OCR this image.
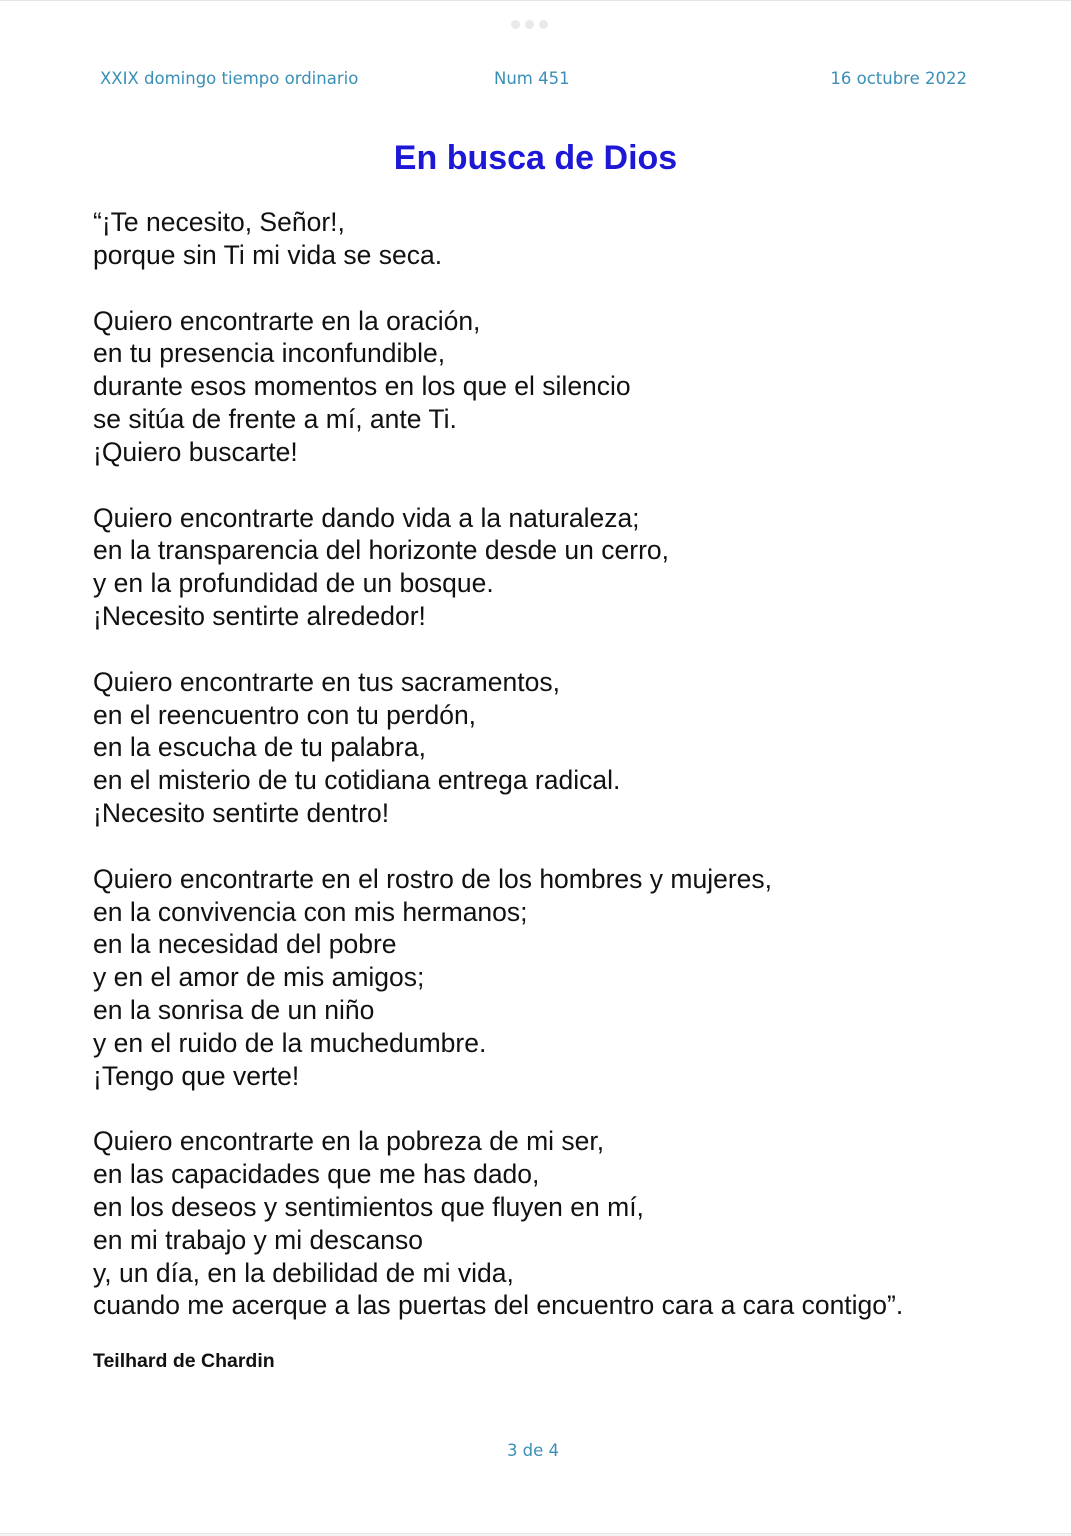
XXIX domingo tiempo ordinario	Num 451	16 octubre 2022
En busca de Dios
“¡Te necesito, Señor!,
porque sin Ti mi vida se seca.
Quiero encontrarte en la oración,
en tu presencia inconfundible,
durante esos momentos en los que el silencio
se sitúa de frente a mí, ante Ti.
¡Quiero buscarte!
Quiero encontrarte dando vida a la naturaleza;
en la transparencia del horizonte desde un cerro,
y en la profundidad de un bosque.
¡Necesito sentirte alrededor!
Quiero encontrarte en tus sacramentos,
en el reencuentro con tu perdón,
en la escucha de tu palabra,
en el misterio de tu cotidiana entrega radical.
¡Necesito sentirte dentro!
Quiero encontrarte en el rostro de los hombres y mujeres,
en la convivencia con mis hermanos;
en la necesidad del pobre
y en el amor de mis amigos;
en la sonrisa de un niño
y en el ruido de la muchedumbre.
¡Tengo que verte!
Quiero encontrarte en la pobreza de mi ser,
en las capacidades que me has dado,
en los deseos y sentimientos que fluyen en mí,
en mi trabajo y mi descanso
y, un día, en la debilidad de mi vida,
cuando me acerque a las puertas del encuentro cara a cara contigo”.
Teilhard de Chardin
3 de 4
